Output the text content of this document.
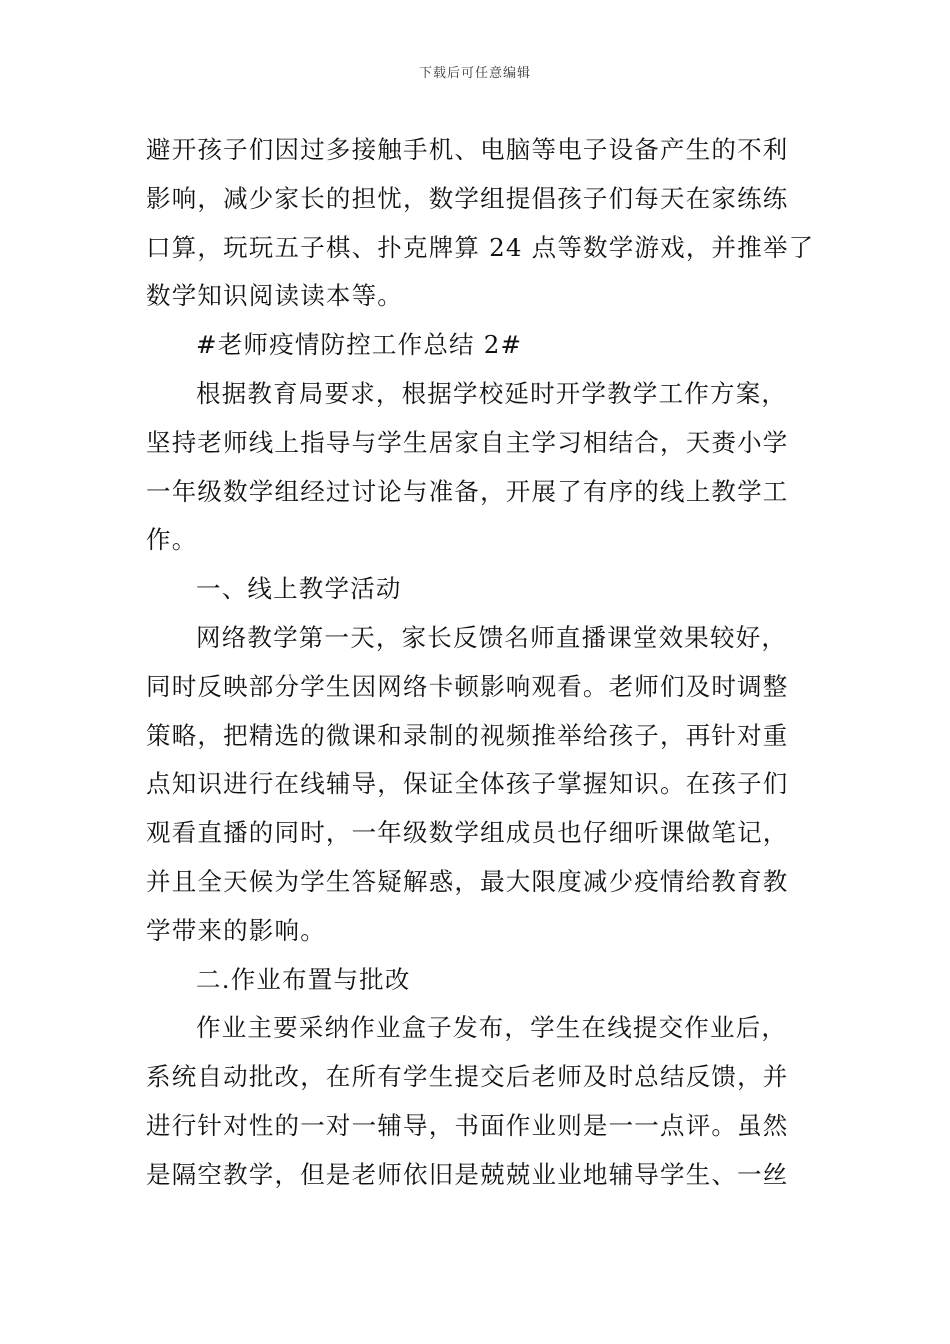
下载后可任意编辑
避开孩子们因过多接触手机、电脑等电子设备产生的不利
影响，减少家长的担忧，数学组提倡孩子们每天在家练练
口算，玩玩五子棋、扑克牌算 24 点等数学游戏，并推举了
数学知识阅读读本等。
#老师疫情防控工作总结 2#
根据教育局要求，根据学校延时开学教学工作方案，
坚持老师线上指导与学生居家自主学习相结合，天赉小学
一年级数学组经过讨论与准备，开展了有序的线上教学工
作。
一、线上教学活动
网络教学第一天，家长反馈名师直播课堂效果较好，
同时反映部分学生因网络卡顿影响观看。老师们及时调整
策略，把精选的微课和录制的视频推举给孩子，再针对重
点知识进行在线辅导，保证全体孩子掌握知识。在孩子们
观看直播的同时，一年级数学组成员也仔细听课做笔记，
并且全天候为学生答疑解惑，最大限度减少疫情给教育教
学带来的影响。
二.作业布置与批改
作业主要采纳作业盒子发布，学生在线提交作业后，
系统自动批改，在所有学生提交后老师及时总结反馈，并
进行针对性的一对一辅导，书面作业则是一一点评。虽然
是隔空教学，但是老师依旧是兢兢业业地辅导学生、一丝
